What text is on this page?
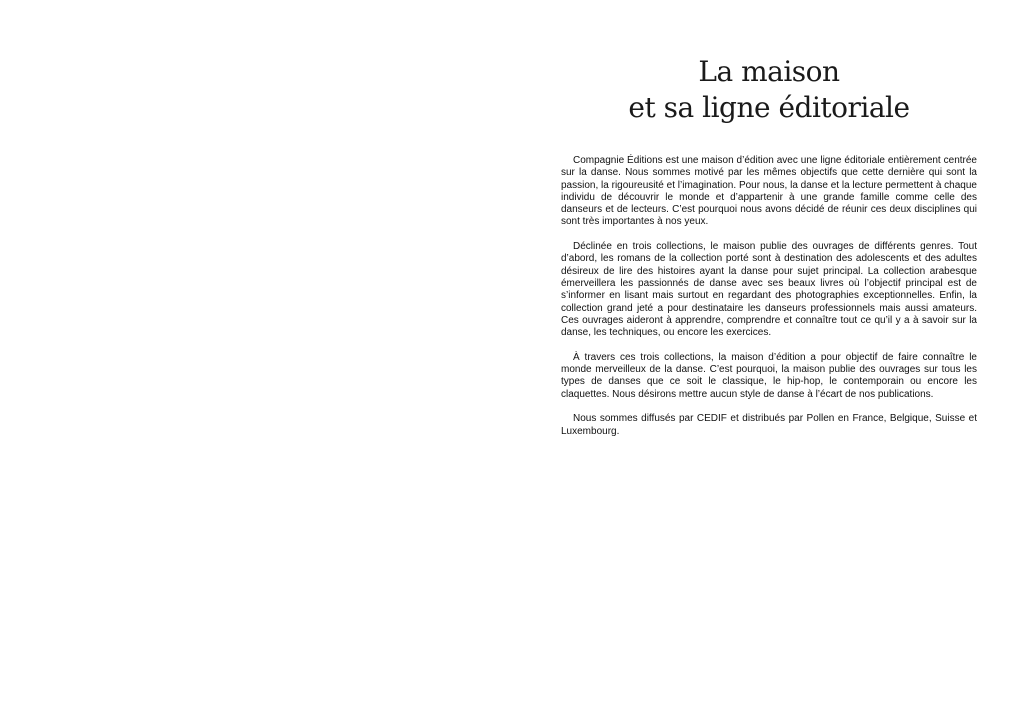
La maison
et sa ligne éditoriale

Compagnie Éditions est une maison d’édition avec une ligne éditoriale entièrement centrée sur la danse. Nous sommes motivé par les mêmes objectifs que cette dernière qui sont la passion, la rigoureusité et l’imagination. Pour nous, la danse et la lecture permettent à chaque individu de découvrir le monde et d’appartenir à une grande famille comme celle des danseurs et de lecteurs. C’est pourquoi nous avons décidé de réunir ces deux disciplines qui sont très importantes à nos yeux.

Déclinée en trois collections, le maison publie des ouvrages de différents genres. Tout d’abord, les romans de la collection porté sont à destination des adolescents et des adultes désireux de lire des histoires ayant la danse pour sujet principal. La collection arabesque émerveillera les passionnés de danse avec ses beaux livres où l’objectif principal est de s’informer en lisant mais surtout en regardant des photographies exceptionnelles. Enfin, la collection grand jeté a pour destinataire les danseurs professionnels mais aussi amateurs. Ces ouvrages aideront à apprendre, comprendre et connaître tout ce qu’il y a à savoir sur la danse, les techniques, ou encore les exercices.

À travers ces trois collections, la maison d’édition a pour objectif de faire connaître le monde merveilleux de la danse. C’est pourquoi, la maison publie des ouvrages sur tous les types de danses que ce soit le classique, le hip-hop, le contemporain ou encore les claquettes. Nous désirons mettre aucun style de danse à l’écart de nos publications.

Nous sommes diffusés par CEDIF et distribués par Pollen en France, Belgique, Suisse et Luxembourg.
